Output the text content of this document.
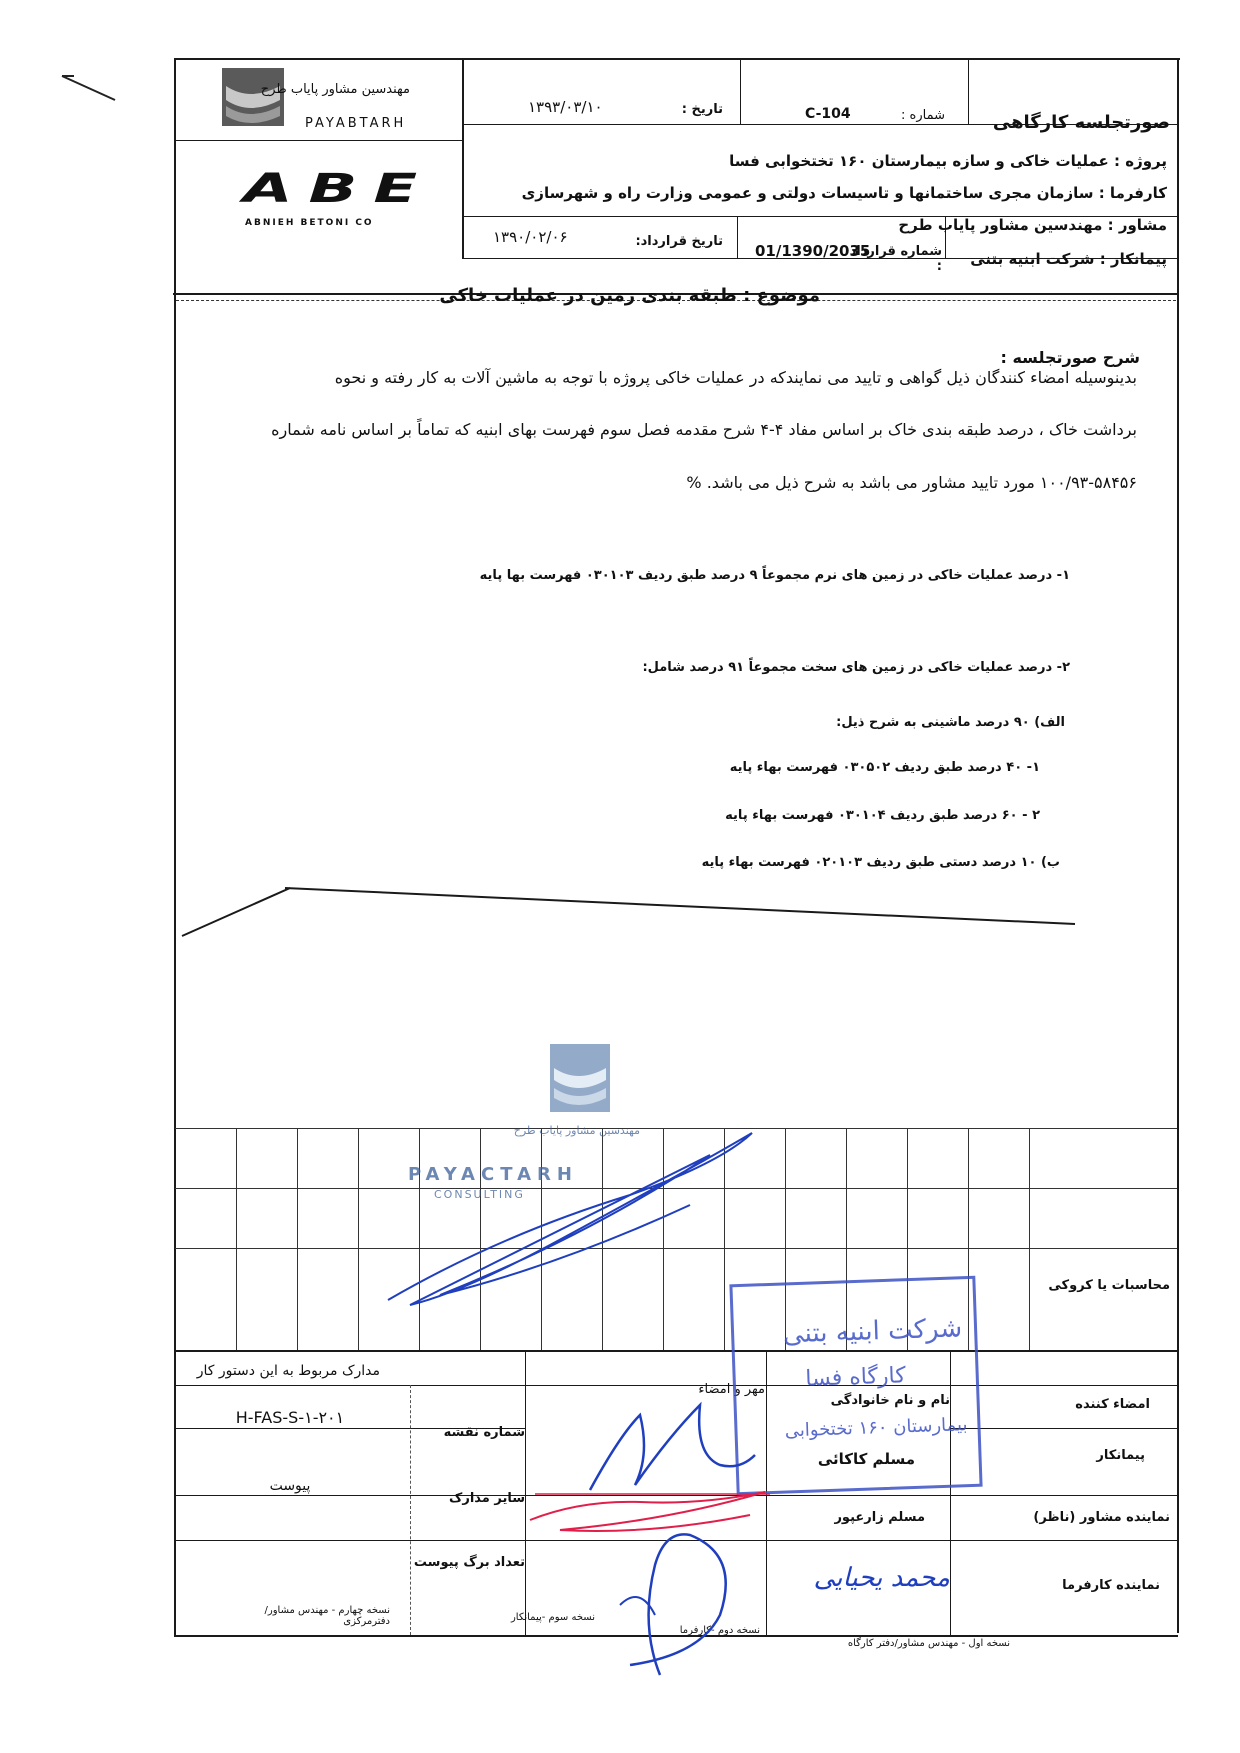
مهندسین مشاور پایاب طرح
PAYABTARH
ABE
ABNIEH BETONI CO
صورتجلسه کارگاهی
شماره :
C-104
تاریخ :
۱۳۹۳/۰۳/۱۰
پروژه : عملیات خاکی و سازه بیمارستان ۱۶۰ تختخوابی فسا
کارفرما : سازمان مجری ساختمانها و تاسیسات دولتی و عمومی وزارت راه و شهرسازی
مشاور : مهندسین مشاور پایاب طرح
پیمانکار : شرکت ابنیه بتنی
شماره قرارداد :
01/1390/2035
تاریخ قرارداد:
۱۳۹۰/۰۲/۰۶
موضوع : طبقه بندی زمین در عملیات خاکی
شرح صورتجلسه :
بدینوسیله امضاء کنندگان ذیل گواهی و تایید می نمایندکه در عملیات خاکی پروژه با توجه به ماشین آلات به کار رفته و نحوه
برداشت خاک ، درصد طبقه بندی خاک بر اساس مفاد ۴-۴ شرح مقدمه فصل سوم فهرست بهای ابنیه که تماماً بر اساس نامه شماره
۱۰۰/۹۳-۵۸۴۵۶ مورد تایید مشاور می باشد به شرح ذیل می باشد. %
۱- درصد عملیات خاکی در زمین های نرم مجموعاً ۹ درصد طبق ردیف ۰۳۰۱۰۳ فهرست بها پایه
۲- درصد عملیات خاکی در زمین های سخت مجموعاً ۹۱ درصد شامل:
الف) ۹۰ درصد ماشینی به شرح ذیل:
۱- ۴۰ درصد طبق ردیف ۰۳۰۵۰۲ فهرست بهاء پایه
۲ - ۶۰ درصد طبق ردیف ۰۳۰۱۰۴ فهرست بهاء پایه
ب) ۱۰ درصد دستی طبق ردیف ۰۲۰۱۰۳ فهرست بهاء پایه
محاسبات یا کروکی
امضاء کننده
نام و نام خانوادگی
مهر و امضاء
مدارک مربوط به این دستور کار
پیمانکار
نماینده مشاور (ناظر)
نماینده کارفرما
مسلم کاکائی
مسلم زارعپور
محمد یحیایی
شماره نقشه
H-FAS-S-۱-۲۰۱
سایر مدارک
پیوست
تعداد برگ پیوست
نسخه اول - مهندس مشاور/دفتر کارگاه
نسخه دوم -کارفرما
نسخه سوم -پیمانکار
نسخه چهارم - مهندس مشاور/دفترمرکزی
مهندسین مشاور پایاب طرح
PAYACTARH
CONSULTING
شرکت ابنیه بتنی
کارگاه فسا
بیمارستان ۱۶۰ تختخوابی
